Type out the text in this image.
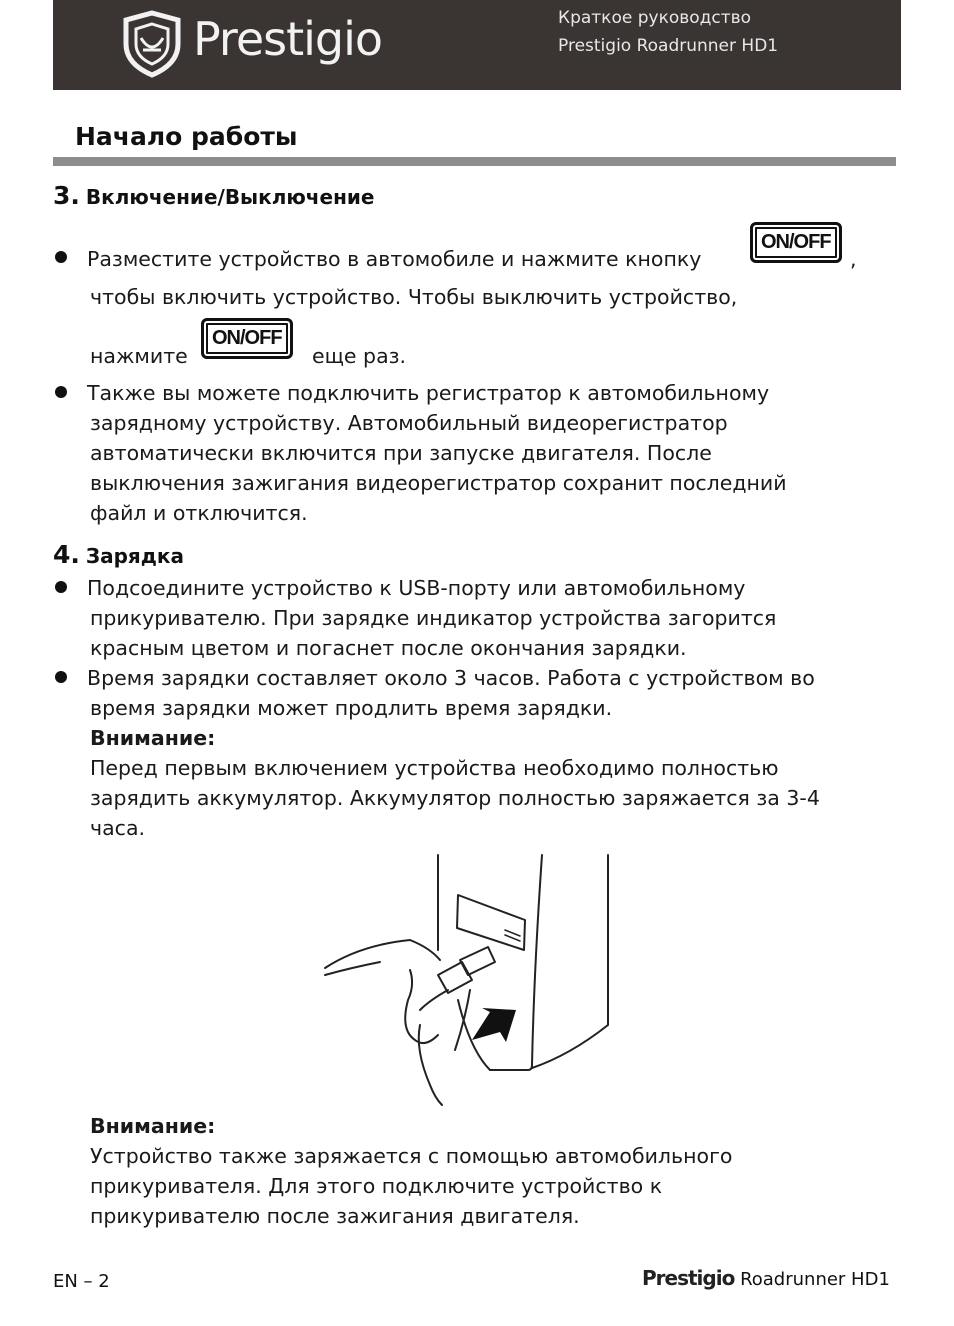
Prestigio	Краткое руководство
Prestigio Roadrunner HD1
Начало работы
3. Включение/Выключение
Разместите устройство в автомобиле и нажмите кнопку
ON/OFF
,
чтобы включить устройство. Чтобы выключить устройство,
нажмите
ON/OFF
еще раз.
Также вы можете подключить регистратор к автомобильному
зарядному устройству. Автомобильный видеорегистратор
автоматически включится при запуске двигателя. После
выключения зажигания видеорегистратор сохранит последний
файл и отключится.
4. Зарядка
Подсоедините устройство к USB-порту или автомобильному
прикуривателю. При зарядке индикатор устройства загорится
красным цветом и погаснет после окончания зарядки.
Время зарядки составляет около 3 часов. Работа с устройством во
время зарядки может продлить время зарядки.
Внимание:
Перед первым включением устройства необходимо полностью
зарядить аккумулятор. Аккумулятор полностью заряжается за 3-4
часа.
Внимание:
Устройство также заряжается с помощью автомобильного
прикуривателя. Для этого подключите устройство к
прикуривателю после зажигания двигателя.
EN – 2	Prestigio Roadrunner HD1
